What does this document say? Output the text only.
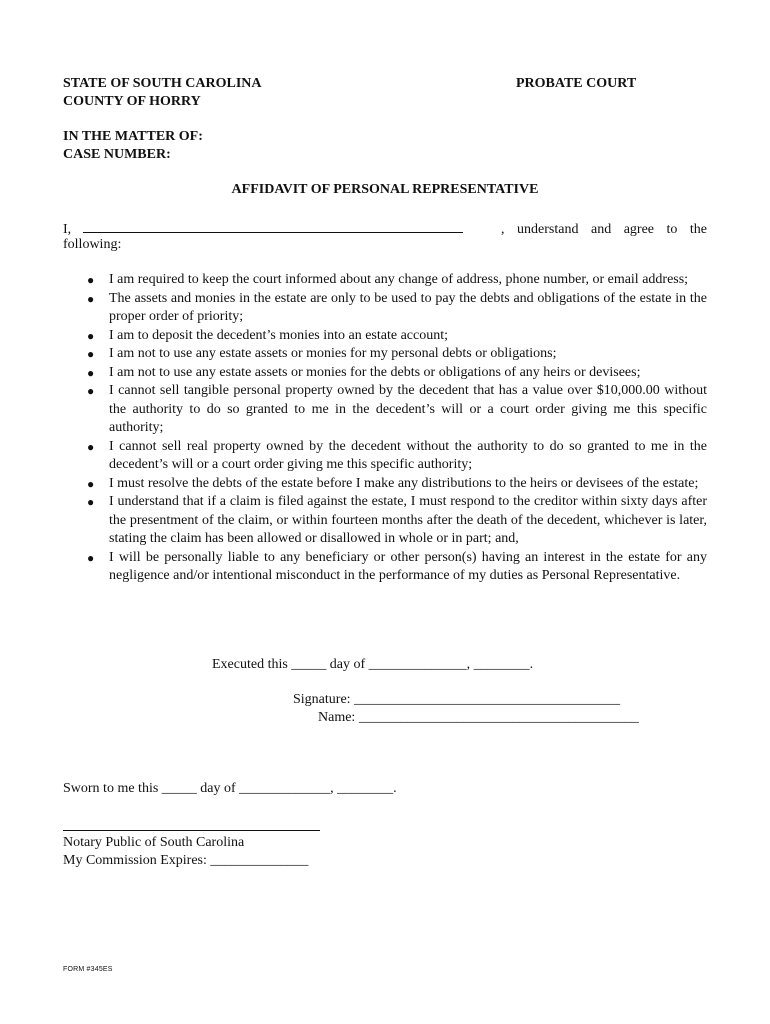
STATE OF SOUTH CAROLINA
COUNTY OF HORRY
PROBATE COURT
IN THE MATTER OF:
CASE NUMBER:
AFFIDAVIT OF PERSONAL REPRESENTATIVE
I,	, understand and agree to the
following:
● I am required to keep the court informed about any change of address, phone number, or email address;
● The assets and monies in the estate are only to be used to pay the debts and obligations of the estate in the proper order of priority;
● I am to deposit the decedent’s monies into an estate account;
● I am not to use any estate assets or monies for my personal debts or obligations;
● I am not to use any estate assets or monies for the debts or obligations of any heirs or devisees;
● I cannot sell tangible personal property owned by the decedent that has a value over $10,000.00 without the authority to do so granted to me in the decedent’s will or a court order giving me this specific authority;
● I cannot sell real property owned by the decedent without the authority to do so granted to me in the decedent’s will or a court order giving me this specific authority;
● I must resolve the debts of the estate before I make any distributions to the heirs or devisees of the estate;
● I understand that if a claim is filed against the estate, I must respond to the creditor within sixty days after the presentment of the claim, or within fourteen months after the death of the decedent, whichever is later, stating the claim has been allowed or disallowed in whole or in part; and,
● I will be personally liable to any beneficiary or other person(s) having an interest in the estate for any negligence and/or intentional misconduct in the performance of my duties as Personal Representative.
Executed this _____ day of ______________, ________.
Signature: ______________________________________
Name: ________________________________________
Sworn to me this _____ day of _____________, ________.
Notary Public of South Carolina
My Commission Expires: ______________
FORM #345ES
